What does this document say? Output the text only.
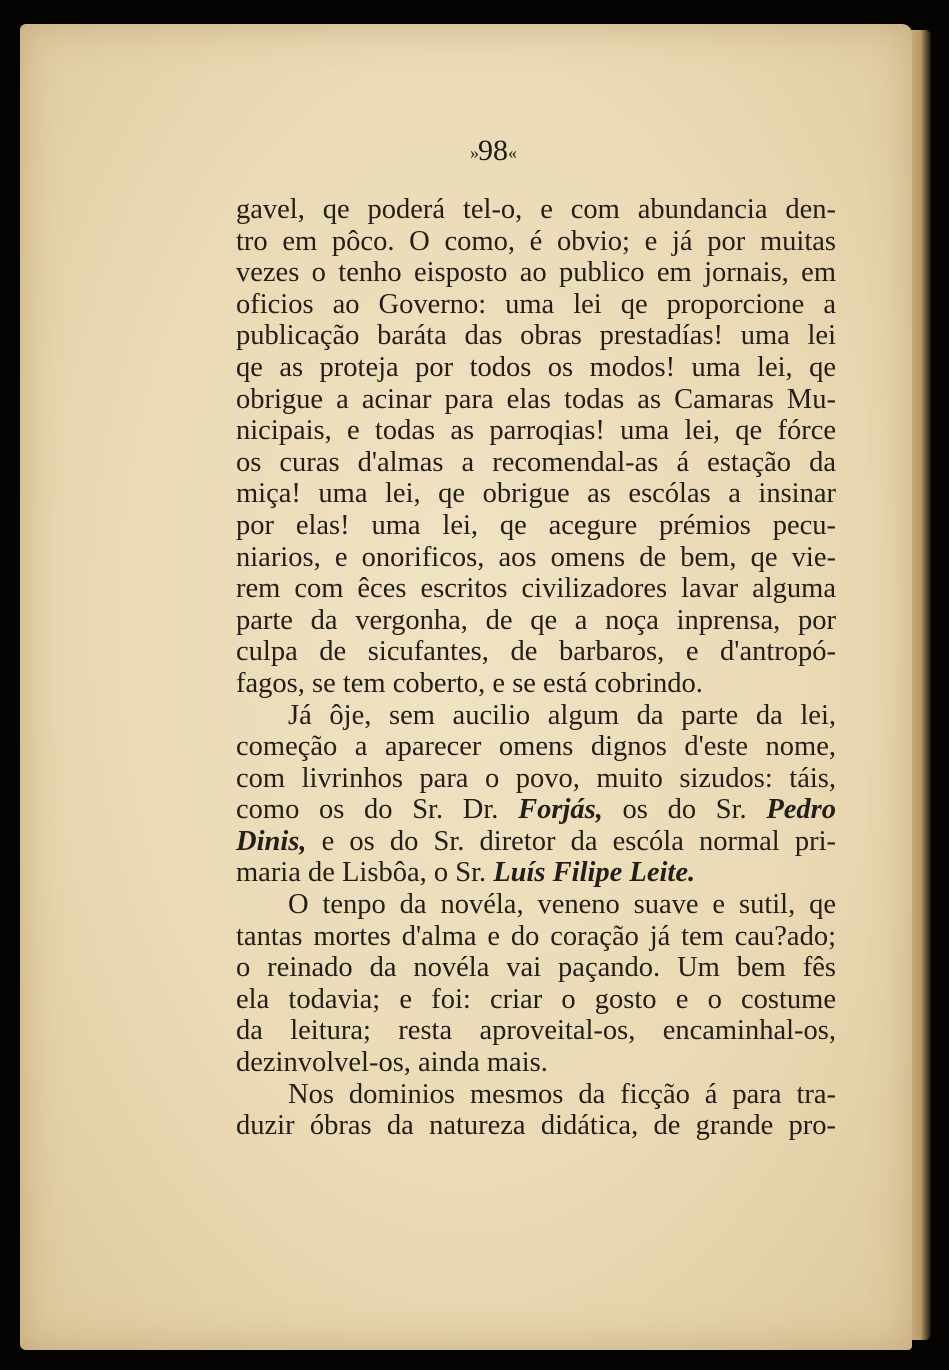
»98«
gavel, qe poderá tel-o, e com abundancia den-
tro em pôco. O como, é obvio; e já por muitas
vezes o tenho eisposto ao publico em jornais, em
oficios ao Governo: uma lei qe proporcione a
publicação baráta das obras prestadías! uma lei
qe as proteja por todos os modos! uma lei, qe
obrigue a acinar para elas todas as Camaras Mu-
nicipais, e todas as parroqias! uma lei, qe fórce
os curas d'almas a recomendal-as á estação da
miça! uma lei, qe obrigue as escólas a insinar
por elas! uma lei, qe acegure prémios pecu-
niarios, e onorificos, aos omens de bem, qe vie-
rem com êces escritos civilizadores lavar alguma
parte da vergonha, de qe a noça inprensa, por
culpa de sicufantes, de barbaros, e d'antropó-
fagos, se tem coberto, e se está cobrindo.
Já ôje, sem aucilio algum da parte da lei,
começão a aparecer omens dignos d'este nome,
com livrinhos para o povo, muito sizudos: táis,
como os do Sr. Dr. Forjás, os do Sr. Pedro
Dinis, e os do Sr. diretor da escóla normal pri-
maria de Lisbôa, o Sr. Luís Filipe Leite.
O tenpo da novéla, veneno suave e sutil, qe
tantas mortes d'alma e do coração já tem cau?ado;
o reinado da novéla vai paçando. Um bem fês
ela todavia; e foi: criar o gosto e o costume
da leitura; resta aproveital-os, encaminhal-os,
dezinvolvel-os, ainda mais.
Nos dominios mesmos da ficção á para tra-
duzir óbras da natureza didática, de grande pro-
